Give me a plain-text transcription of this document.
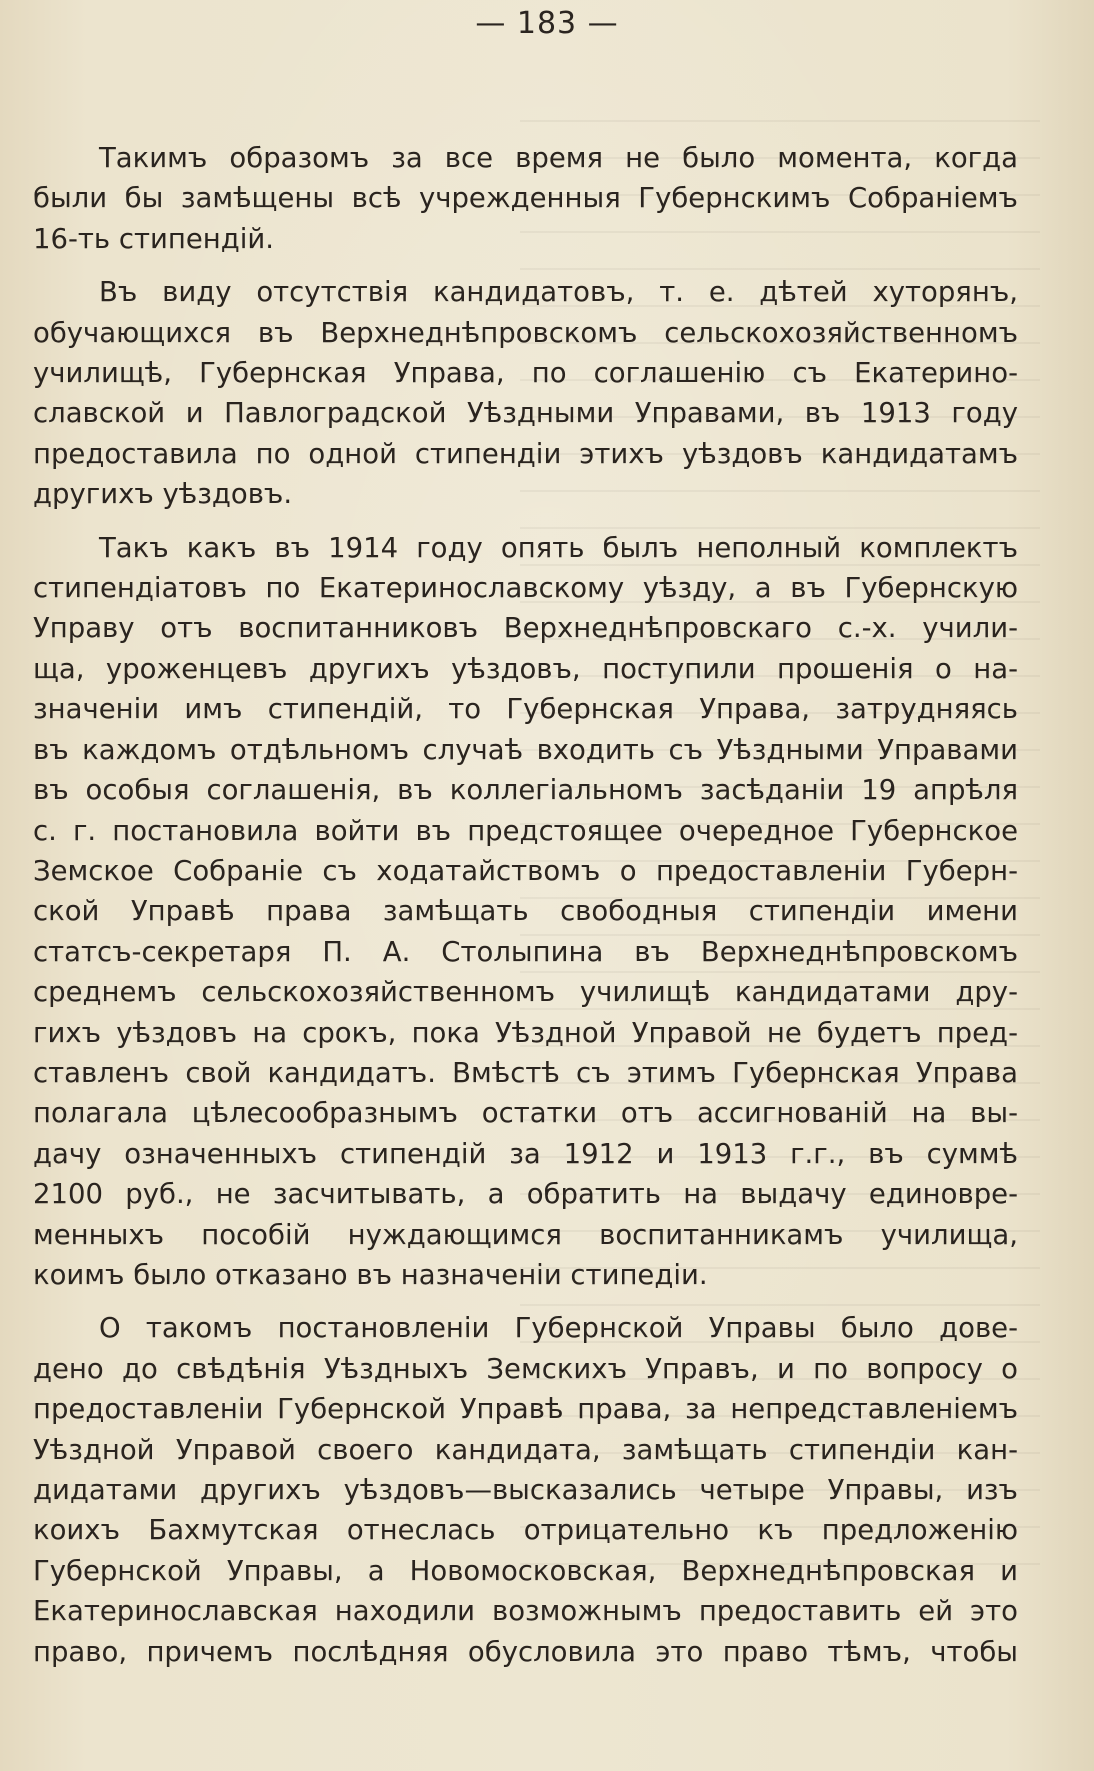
— 183 —
Такимъ образомъ за все время не было момента, когда
были бы замѣщены всѣ учрежденныя Губернскимъ Собраніемъ
16-ть стипендій.
Въ виду отсутствія кандидатовъ, т. е. дѣтей хуторянъ,
обучающихся въ Верхнеднѣпровскомъ сельскохозяйственномъ
училищѣ, Губернская Управа, по соглашенію съ Екатерино-
славской и Павлоградской Уѣздными Управами, въ 1913 году
предоставила по одной стипендіи этихъ уѣздовъ кандидатамъ
другихъ уѣздовъ.
Такъ какъ въ 1914 году опять былъ неполный комплектъ
стипендіатовъ по Екатеринославскому уѣзду, а въ Губернскую
Управу отъ воспитанниковъ Верхнеднѣпровскаго с.-х. учили-
ща, уроженцевъ другихъ уѣздовъ, поступили прошенія о на-
значеніи имъ стипендій, то Губернская Управа, затрудняясь
въ каждомъ отдѣльномъ случаѣ входить съ Уѣздными Управами
въ особыя соглашенія, въ коллегіальномъ засѣданіи 19 апрѣля
с. г. постановила войти въ предстоящее очередное Губернское
Земское Собраніе съ ходатайствомъ о предоставленіи Губерн-
ской Управѣ права замѣщать свободныя стипендіи имени
статсъ-секретаря П. А. Столыпина въ Верхнеднѣпровскомъ
среднемъ сельскохозяйственномъ училищѣ кандидатами дру-
гихъ уѣздовъ на срокъ, пока Уѣздной Управой не будетъ пред-
ставленъ свой кандидатъ. Вмѣстѣ съ этимъ Губернская Управа
полагала цѣлесообразнымъ остатки отъ ассигнованій на вы-
дачу означенныхъ стипендій за 1912 и 1913 г.г., въ суммѣ
2100 руб., не засчитывать, а обратить на выдачу единовре-
менныхъ пособій нуждающимся воспитанникамъ училища,
коимъ было отказано въ назначеніи стипедіи.
О такомъ постановленіи Губернской Управы было дове-
дено до свѣдѣнія Уѣздныхъ Земскихъ Управъ, и по вопросу о
предоставленіи Губернской Управѣ права, за непредставленіемъ
Уѣздной Управой своего кандидата, замѣщать стипендіи кан-
дидатами другихъ уѣздовъ—высказались четыре Управы, изъ
коихъ Бахмутская отнеслась отрицательно къ предложенію
Губернской Управы, а Новомосковская, Верхнеднѣпровская и
Екатеринославская находили возможнымъ предоставить ей это
право, причемъ послѣдняя обусловила это право тѣмъ, чтобы
